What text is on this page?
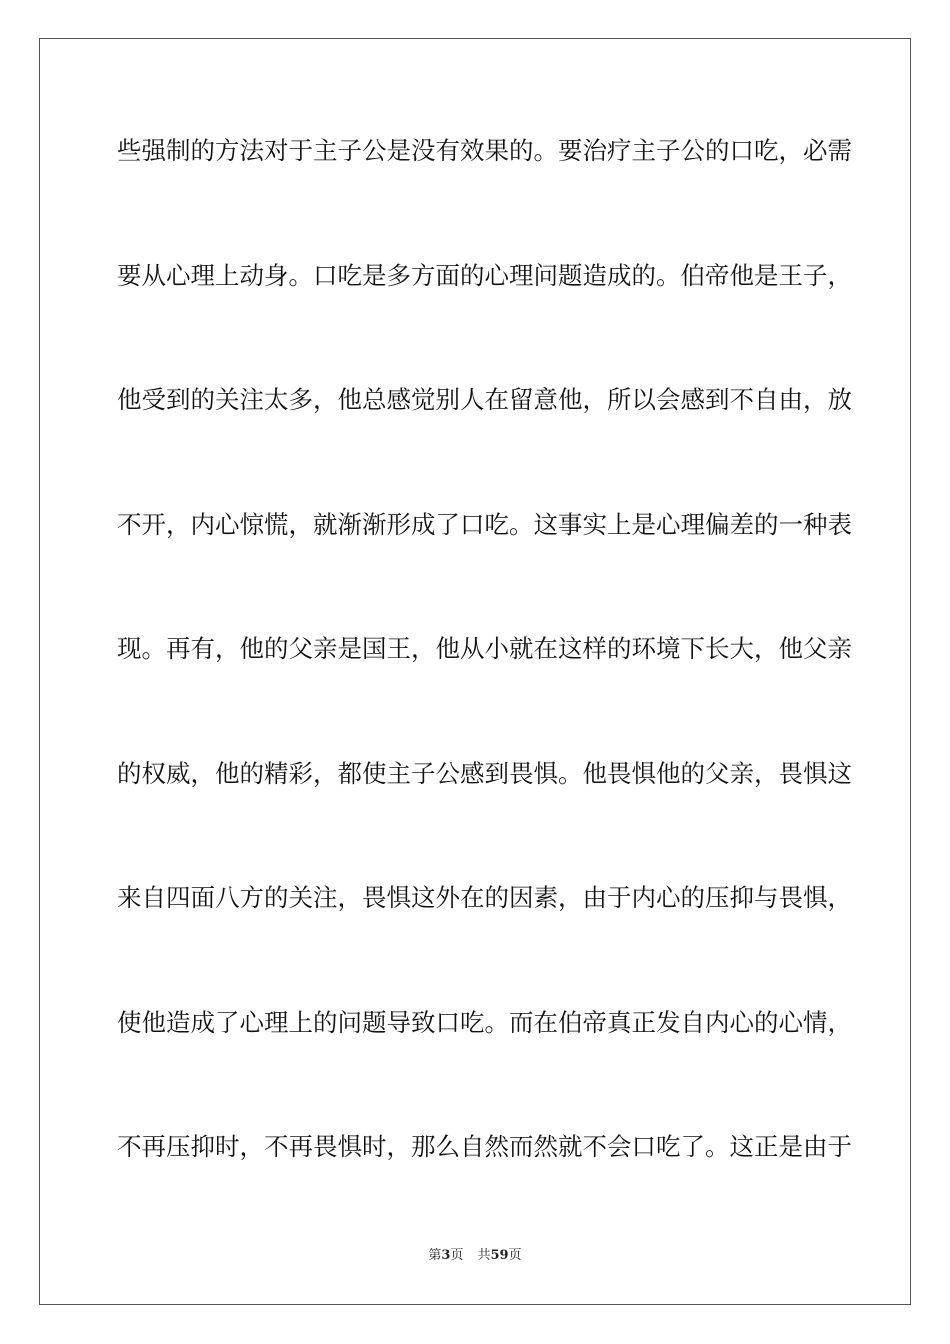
些强制的方法对于主子公是没有效果的。要治疗主子公的口吃，必需
要从心理上动身。口吃是多方面的心理问题造成的。伯帝他是王子，
他受到的关注太多，他总感觉别人在留意他，所以会感到不自由，放
不开，内心惊慌，就渐渐形成了口吃。这事实上是心理偏差的一种表
现。再有，他的父亲是国王，他从小就在这样的环境下长大，他父亲
的权威，他的精彩，都使主子公感到畏惧。他畏惧他的父亲，畏惧这
来自四面八方的关注，畏惧这外在的因素，由于内心的压抑与畏惧，
使他造成了心理上的问题导致口吃。而在伯帝真正发自内心的心情，
不再压抑时，不再畏惧时，那么自然而然就不会口吃了。这正是由于
第3页 共59页
